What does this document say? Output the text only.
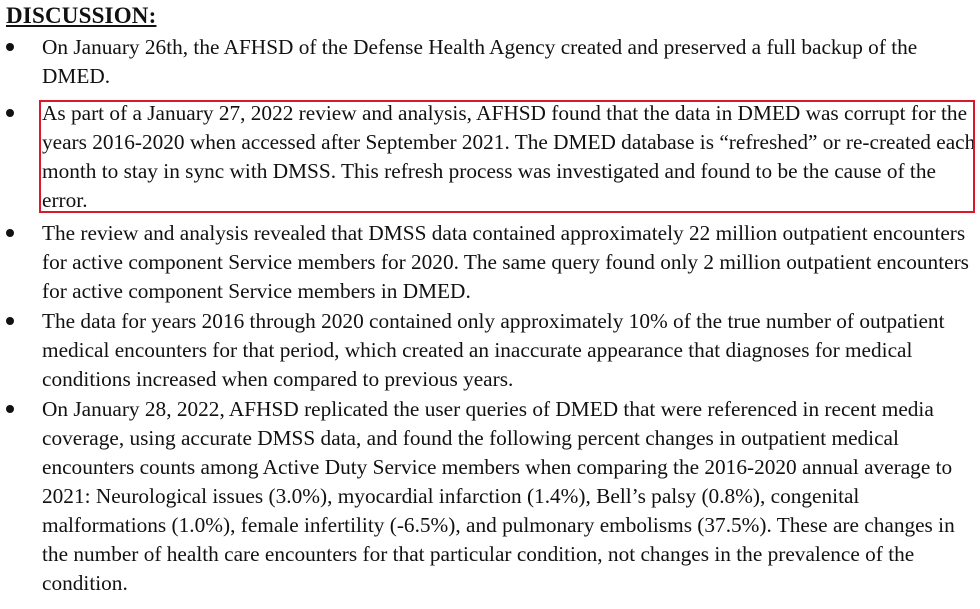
DISCUSSION:
On January 26th, the AFHSD of the Defense Health Agency created and preserved a full backup of the DMED.
As part of a January 27, 2022 review and analysis, AFHSD found that the data in DMED was corrupt for the years 2016-2020 when accessed after September 2021. The DMED database is “refreshed” or re-created each month to stay in sync with DMSS. This refresh process was investigated and found to be the cause of the error.
The review and analysis revealed that DMSS data contained approximately 22 million outpatient encounters for active component Service members for 2020. The same query found only 2 million outpatient encounters for active component Service members in DMED.
The data for years 2016 through 2020 contained only approximately 10% of the true number of outpatient medical encounters for that period, which created an inaccurate appearance that diagnoses for medical conditions increased when compared to previous years.
On January 28, 2022, AFHSD replicated the user queries of DMED that were referenced in recent media coverage, using accurate DMSS data, and found the following percent changes in outpatient medical encounters counts among Active Duty Service members when comparing the 2016-2020 annual average to 2021: Neurological issues (3.0%), myocardial infarction (1.4%), Bell’s palsy (0.8%), congenital malformations (1.0%), female infertility (-6.5%), and pulmonary embolisms (37.5%). These are changes in the number of health care encounters for that particular condition, not changes in the prevalence of the condition.
